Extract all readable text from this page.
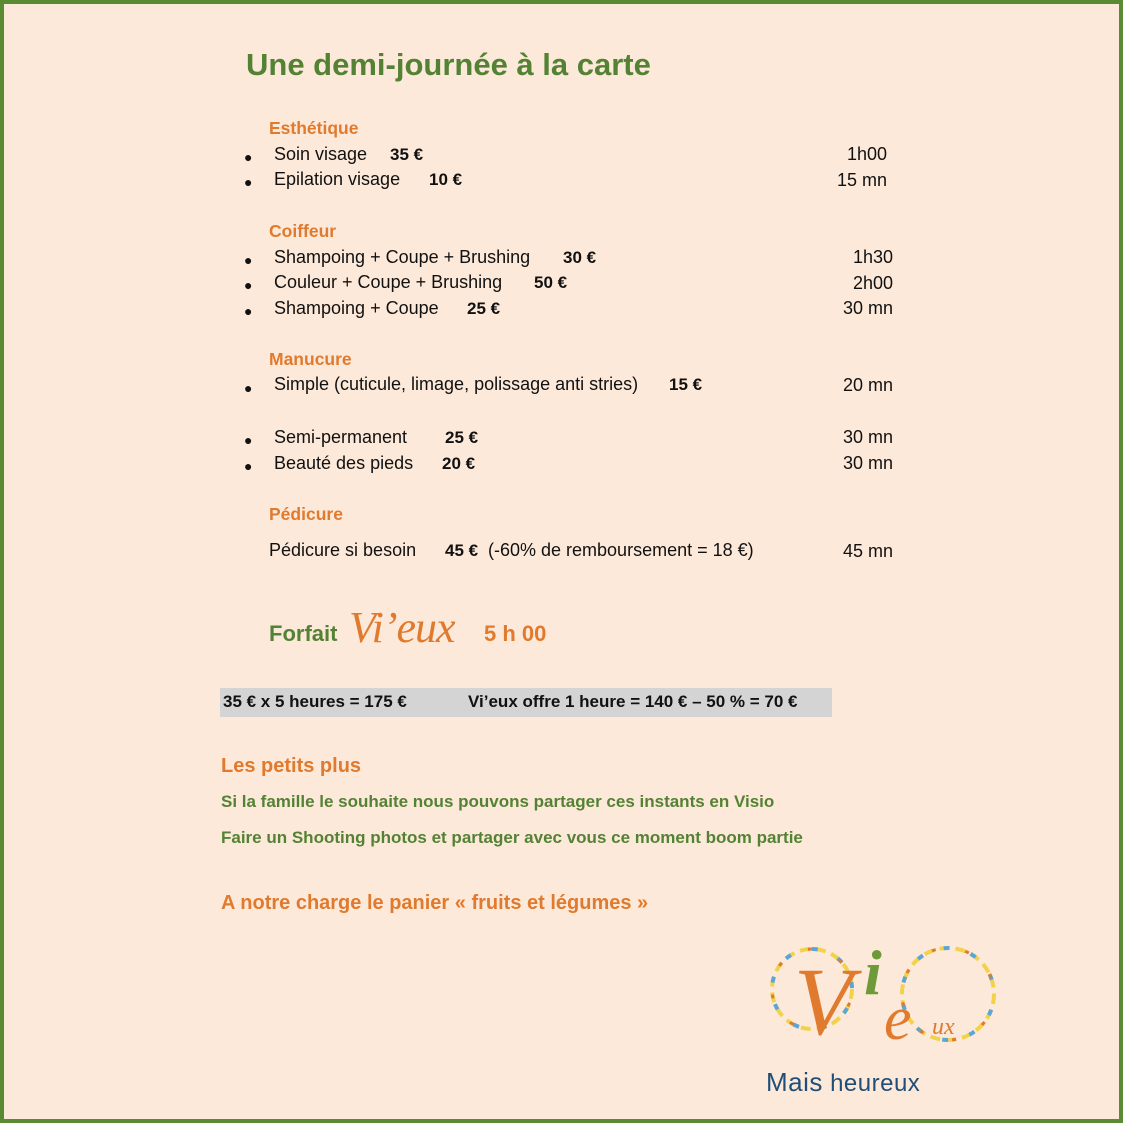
Une demi-journée à la carte
Esthétique
● Soin visage 35 €	1h00
● Epilation visage 10 €	15 mn
Coiffeur
● Shampoing + Coupe + Brushing 30 €	1h30
● Couleur + Coupe + Brushing 50 €	2h00
● Shampoing + Coupe 25 €	30 mn
Manucure
● Simple (cuticule, limage, polissage anti stries) 15 €	20 mn
● Semi-permanent 25 €	30 mn
● Beauté des pieds 20 €	30 mn
Pédicure
Pédicure si besoin 45 € (-60% de remboursement = 18 €)	45 mn
Forfait Vi’eux 5 h 00
35 € x 5 heures = 175 €	Vi’eux offre 1 heure = 140 € – 50 % = 70 €
Les petits plus
Si la famille le souhaite nous pouvons partager ces instants en Visio
Faire un Shooting photos et partager avec vous ce moment boom partie
A notre charge le panier « fruits et légumes »
V i
e ux
Mais heureux
